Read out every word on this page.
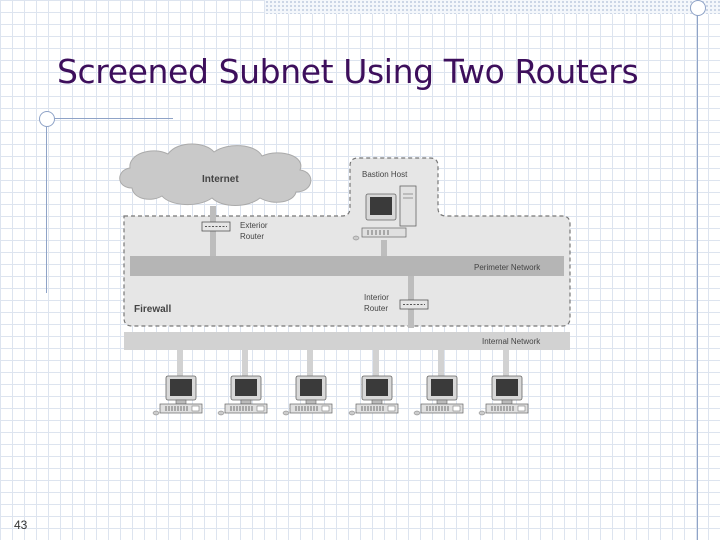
Screened Subnet Using Two Routers
Internet	Bastion Host
Perimeter Network
Exterior
Router
Firewall
Interior
Router
Internal Network
43
